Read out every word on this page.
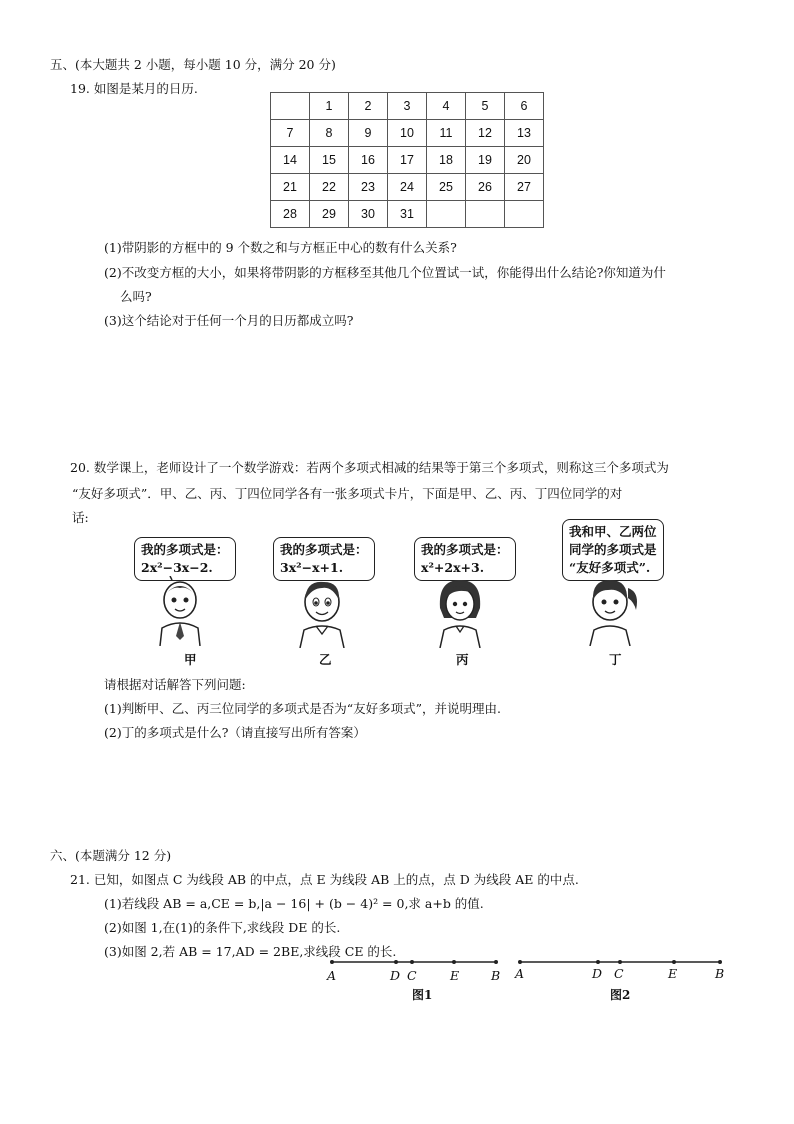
五、(本大题共 2 小题，每小题 10 分，满分 20 分)
19. 如图是某月的日历.
	1	2	3	4	5	6
7	8	9	10	11	12	13
14	15	16	17	18	19	20
21	22	23	24	25	26	27
28	29	30	31			
(1)带阴影的方框中的 9 个数之和与方框正中心的数有什么关系?
(2)不改变方框的大小，如果将带阴影的方框移至其他几个位置试一试，你能得出什么结论?你知道为什
么吗?
(3)这个结论对于任何一个月的日历都成立吗?
20. 数学课上，老师设计了一个数学游戏：若两个多项式相减的结果等于第三个多项式，则称这三个多项式为
“友好多项式”．甲、乙、丙、丁四位同学各有一张多项式卡片，下面是甲、乙、丙、丁四位同学的对
话:
我的多项式是：
2x²−3x−2.
我的多项式是：
3x²−x+1.
我的多项式是：
x²+2x+3.
我和甲、乙两位
同学的多项式是
“友好多项式”.
甲	乙	丙	丁
请根据对话解答下列问题:
(1)判断甲、乙、丙三位同学的多项式是否为“友好多项式”，并说明理由.
(2)丁的多项式是什么?（请直接写出所有答案）
六、(本题满分 12 分)
21. 已知，如图点 C 为线段 AB 的中点，点 E 为线段 AB 上的点，点 D 为线段 AE 的中点.
(1)若线段 AB = a,CE = b,|a − 16| + (b − 4)² = 0,求 a+b 的值.
(2)如图 1,在(1)的条件下,求线段 DE 的长.
(3)如图 2,若 AB = 17,AD = 2BE,求线段 CE 的长.
A	D C	E	B
图1
A	D C	E	B
图2
